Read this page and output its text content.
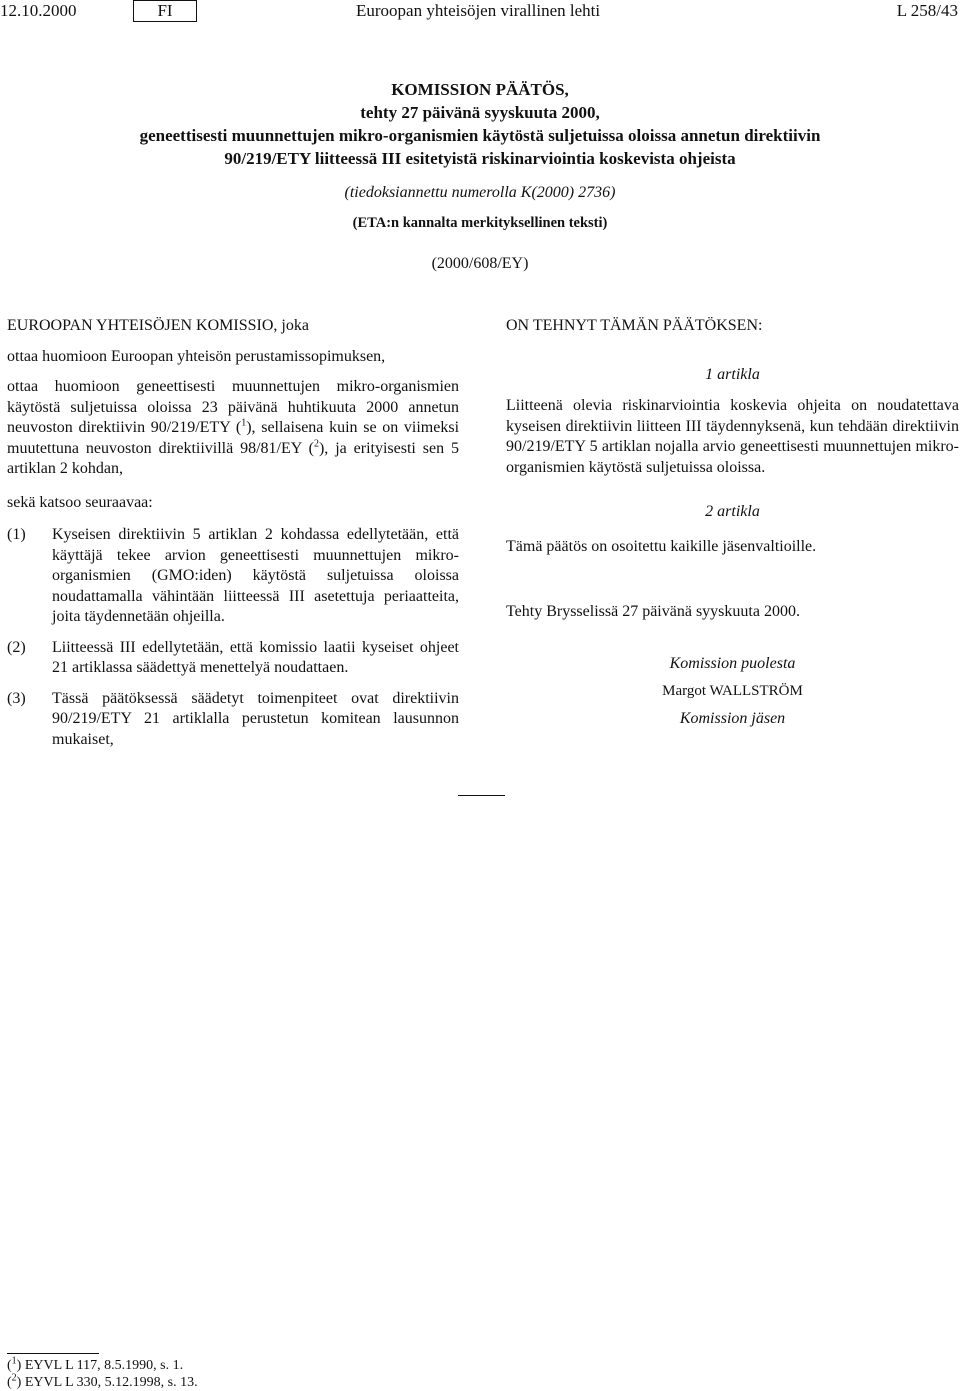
12.10.2000	FI	Euroopan yhteisöjen virallinen lehti	L 258/43
KOMISSION PÄÄTÖS,
tehty 27 päivänä syyskuuta 2000,
geneettisesti muunnettujen mikro-organismien käytöstä suljetuissa oloissa annetun direktiivin
90/219/ETY liitteessä III esitetyistä riskinarviointia koskevista ohjeista
(tiedoksiannettu numerolla K(2000) 2736)
(ETA:n kannalta merkityksellinen teksti)
(2000/608/EY)

EUROOPAN YHTEISÖJEN KOMISSIO, joka

ottaa huomioon Euroopan yhteisön perustamissopimuksen,

ottaa huomioon geneettisesti muunnettujen mikro-organismien käytöstä suljetuissa oloissa 23 päivänä huhtikuuta 2000 annetun neuvoston direktiivin 90/219/ETY ($^1$), sellaisena kuin se on viimeksi muutettuna neuvoston direktiivillä 98/81/EY ($^2$), ja erityisesti sen 5 artiklan 2 kohdan,

sekä katsoo seuraavaa:

(1) Kyseisen direktiivin 5 artiklan 2 kohdassa edellytetään, että käyttäjä tekee arvion geneettisesti muunnettujen mikro-organismien (GMO:iden) käytöstä suljetuissa oloissa noudattamalla vähintään liitteessä III asetettuja periaatteita, joita täydennetään ohjeilla.
(2) Liitteessä III edellytetään, että komissio laatii kyseiset ohjeet 21 artiklassa säädettyä menettelyä noudattaen.
(3) Tässä päätöksessä säädetyt toimenpiteet ovat direktiivin 90/219/ETY 21 artiklalla perustetun komitean lausunnon mukaiset,

ON TEHNYT TÄMÄN PÄÄTÖKSEN:

1 artikla

Liitteenä olevia riskinarviointia koskevia ohjeita on noudatettava kyseisen direktiivin liitteen III täydennyksenä, kun tehdään direktiivin 90/219/ETY 5 artiklan nojalla arvio geneettisesti muunnettujen mikro-organismien käytöstä suljetuissa oloissa.

2 artikla

Tämä päätös on osoitettu kaikille jäsenvaltioille.

Tehty Brysselissä 27 päivänä syyskuuta 2000.

Komission puolesta

Margot WALLSTRÖM

Komission jäsen

($^1$) EYVL L 117, 8.5.1990, s. 1.
($^2$) EYVL L 330, 5.12.1998, s. 13.
